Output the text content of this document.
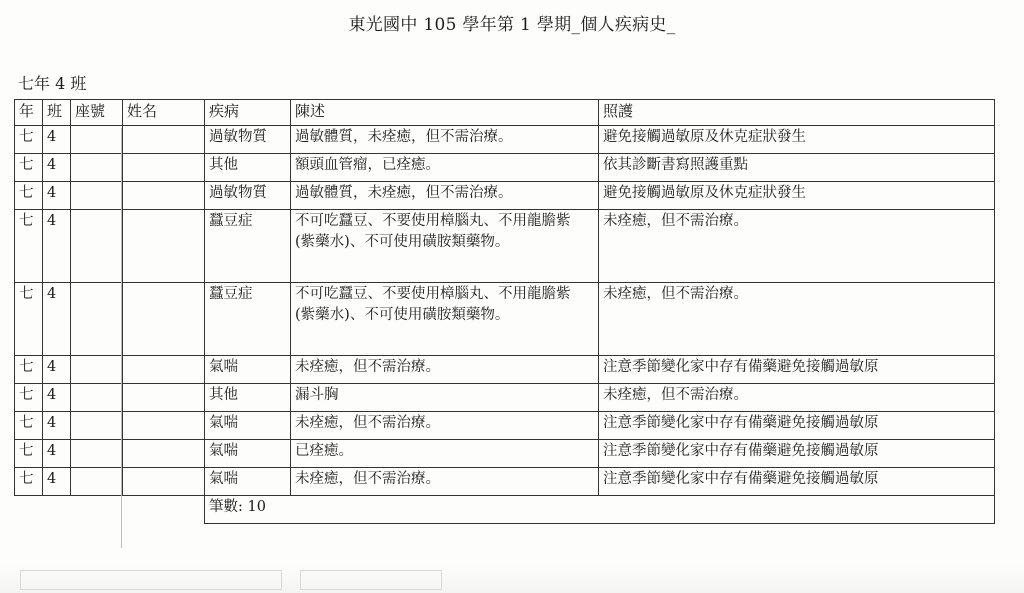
東光國中 105 學年第 1 學期_個人疾病史_
七年 4 班
年	班	座號	姓名	疾病	陳述	照護
七	4			過敏物質	過敏體質，未痊癒，但不需治療。	避免接觸過敏原及休克症狀發生
七	4			其他	額頭血管瘤，已痊癒。	依其診斷書寫照護重點
七	4			過敏物質	過敏體質，未痊癒，但不需治療。	避免接觸過敏原及休克症狀發生
七	4			蠶豆症	不可吃蠶豆、不要使用樟腦丸、不用龍膽紫 (紫藥水)、不可使用磺胺類藥物。	未痊癒，但不需治療。
七	4			蠶豆症	不可吃蠶豆、不要使用樟腦丸、不用龍膽紫 (紫藥水)、不可使用磺胺類藥物。	未痊癒，但不需治療。
七	4			氣喘	未痊癒，但不需治療。	注意季節變化家中存有備藥避免接觸過敏原
七	4			其他	漏斗胸	未痊癒，但不需治療。
七	4			氣喘	未痊癒，但不需治療。	注意季節變化家中存有備藥避免接觸過敏原
七	4			氣喘	已痊癒。	注意季節變化家中存有備藥避免接觸過敏原
七	4			氣喘	未痊癒，但不需治療。	注意季節變化家中存有備藥避免接觸過敏原
				筆數: 10		
